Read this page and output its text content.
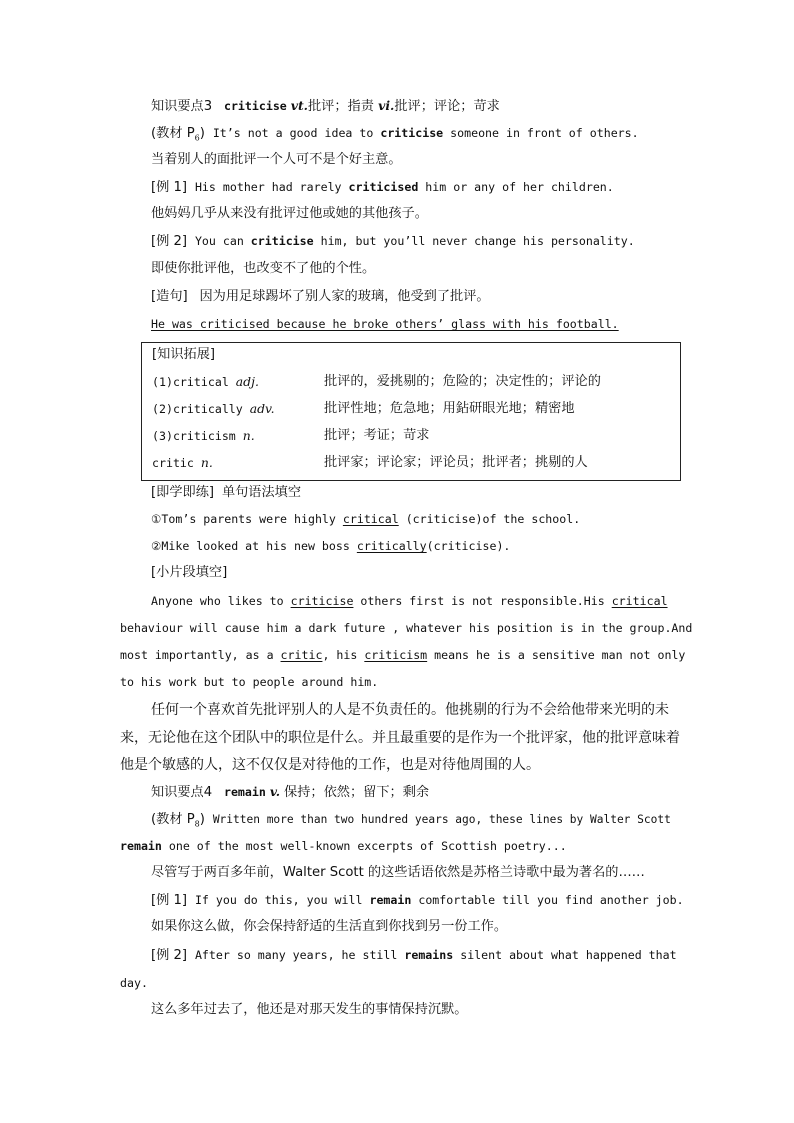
知识要点3 criticise vt.批评；指责 vi.批评；评论；苛求
(教材 $P_6$) It’s not a good idea to criticise someone in front of others.
当着别人的面批评一个人可不是个好主意。
[例 1] His mother had rarely criticised him or any of her children.
他妈妈几乎从来没有批评过他或她的其他孩子。
[例 2] You can criticise him, but you’ll never change his personality.
即使你批评他，也改变不了他的个性。
[造句] 因为用足球踢坏了别人家的玻璃，他受到了批评。
He was criticised because he broke others’ glass with his football.
[知识拓展]
(1)critical adj.	批评的，爱挑剔的；危险的；决定性的；评论的
(2)critically adv.	批评性地；危急地；用鉆研眼光地；精密地
(3)criticism n.	批评；考证；苛求
critic n.	批评家；评论家；评论员；批评者；挑剔的人
[即学即练] 单句语法填空
①Tom’s parents were highly critical (criticise)of the school.
②Mike looked at his new boss critically(criticise).
[小片段填空]
Anyone who likes to criticise others first is not responsible.His critical
behaviour will cause him a dark future , whatever his position is in the group.And
most importantly, as a critic, his criticism means he is a sensitive man not only
to his work but to people around him.
任何一个喜欢首先批评别人的人是不负责任的。他挑剔的行为不会给他带来光明的未
来，无论他在这个团队中的职位是什么。并且最重要的是作为一个批评家，他的批评意味着
他是个敏感的人，这不仅仅是对待他的工作，也是对待他周围的人。
知识要点4 remain v. 保持；依然；留下；剩余
(教材 $P_8$) Written more than two hundred years ago, these lines by Walter Scott
remain one of the most well-known excerpts of Scottish poetry...
尽管写于两百多年前，Walter Scott 的这些话语依然是苏格兰诗歌中最为著名的……
[例 1] If you do this, you will remain comfortable till you find another job.
如果你这么做，你会保持舒适的生活直到你找到另一份工作。
[例 2] After so many years, he still remains silent about what happened that
day.
这么多年过去了，他还是对那天发生的事情保持沉默。
